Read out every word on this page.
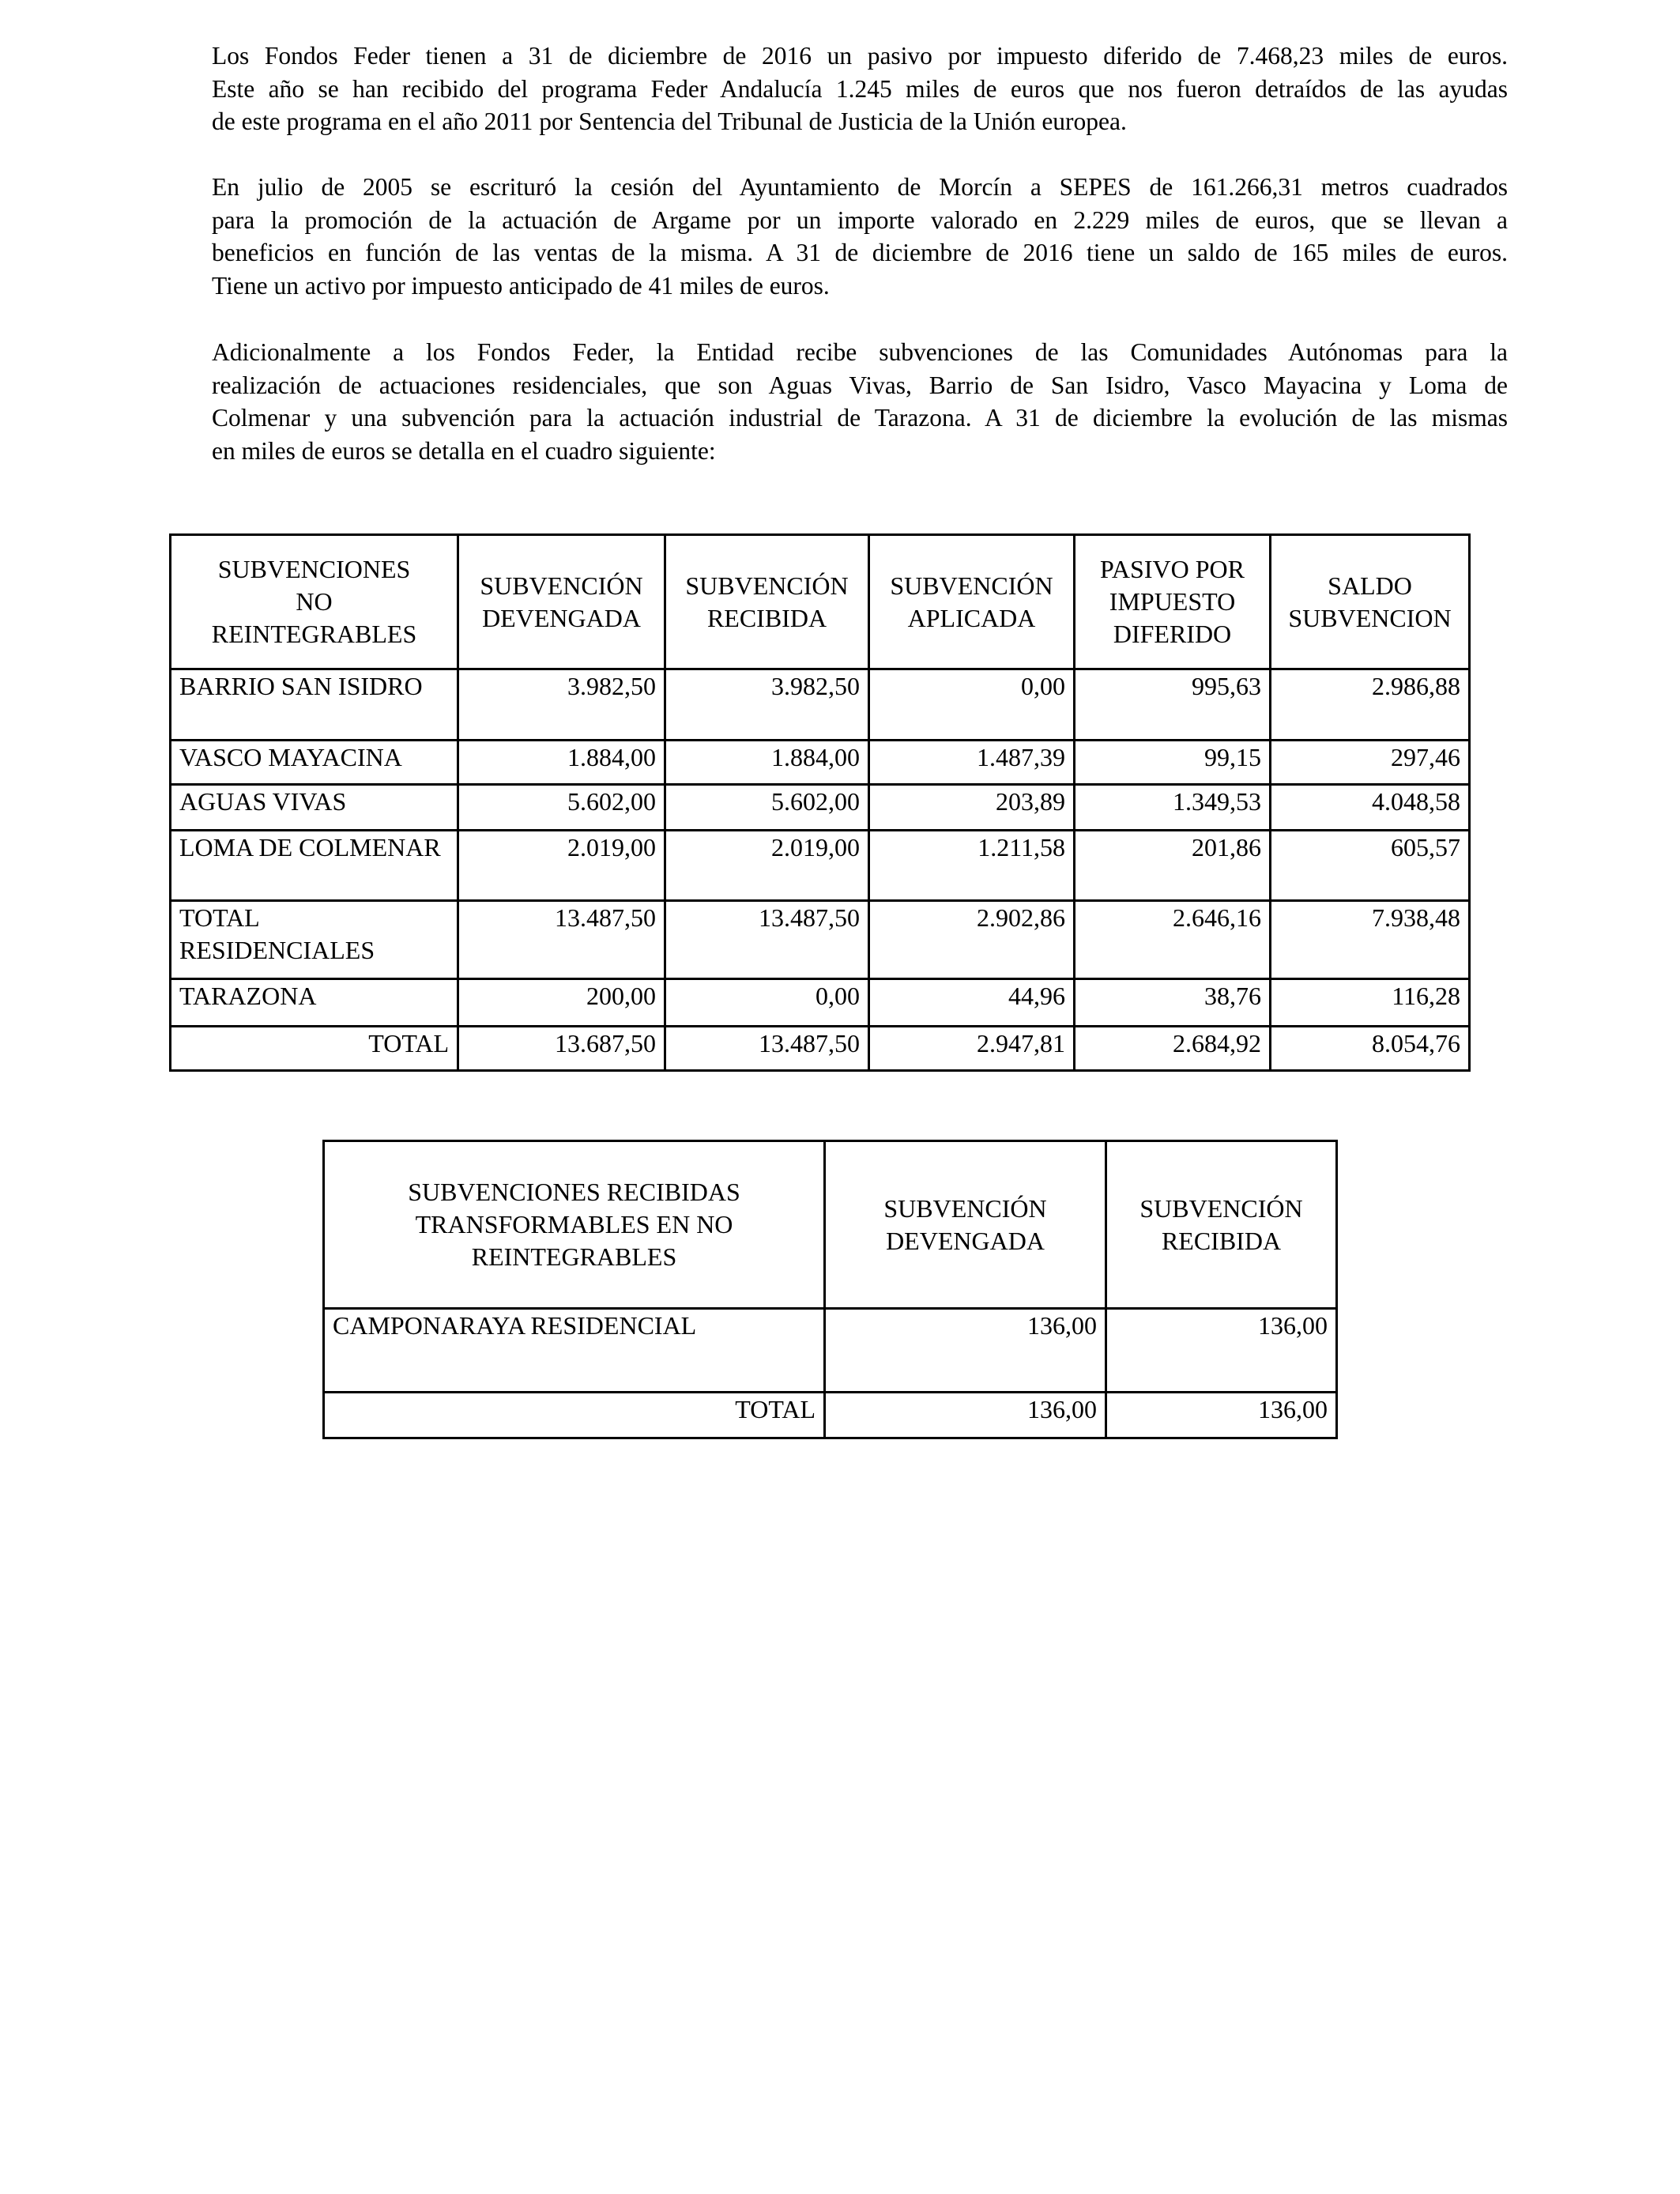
Los Fondos Feder tienen a 31 de diciembre de 2016 un pasivo por impuesto diferido de 7.468,23 miles de euros.
Este año se han recibido del programa Feder Andalucía 1.245 miles de euros que nos fueron detraídos de las ayudas
de este programa en el año 2011 por Sentencia del Tribunal de Justicia de la Unión europea.

En julio de 2005 se escrituró la cesión del Ayuntamiento de Morcín a SEPES de 161.266,31 metros cuadrados
para la promoción de la actuación de Argame por un importe valorado en 2.229 miles de euros, que se llevan a
beneficios en función de las ventas de la misma. A 31 de diciembre de 2016 tiene un saldo de 165 miles de euros.
Tiene un activo por impuesto anticipado de 41 miles de euros.

Adicionalmente a los Fondos Feder, la Entidad recibe subvenciones de las Comunidades Autónomas para la
realización de actuaciones residenciales, que son Aguas Vivas, Barrio de San Isidro, Vasco Mayacina y Loma de
Colmenar y una subvención para la actuación industrial de Tarazona. A 31 de diciembre la evolución de las mismas
en miles de euros se detalla en el cuadro siguiente:

SUBVENCIONES NO REINTEGRABLES	SUBVENCIÓN DEVENGADA	SUBVENCIÓN RECIBIDA	SUBVENCIÓN APLICADA	PASIVO POR IMPUESTO DIFERIDO	SALDO SUBVENCION
BARRIO SAN ISIDRO	3.982,50	3.982,50	0,00	995,63	2.986,88
VASCO MAYACINA	1.884,00	1.884,00	1.487,39	99,15	297,46
AGUAS VIVAS	5.602,00	5.602,00	203,89	1.349,53	4.048,58
LOMA DE COLMENAR	2.019,00	2.019,00	1.211,58	201,86	605,57
TOTAL RESIDENCIALES	13.487,50	13.487,50	2.902,86	2.646,16	7.938,48
TARAZONA	200,00	0,00	44,96	38,76	116,28
TOTAL	13.687,50	13.487,50	2.947,81	2.684,92	8.054,76
SUBVENCIONES RECIBIDAS TRANSFORMABLES EN NO REINTEGRABLES	SUBVENCIÓN DEVENGADA	SUBVENCIÓN RECIBIDA
CAMPONARAYA RESIDENCIAL	136,00	136,00
TOTAL	136,00	136,00
